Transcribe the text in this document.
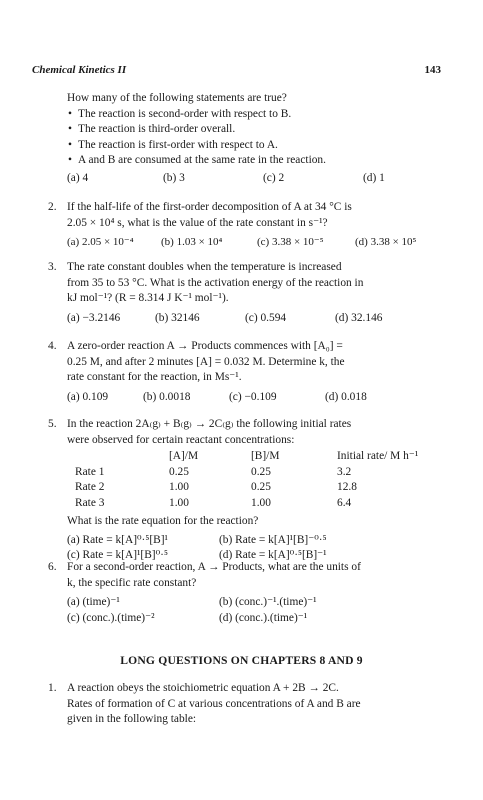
Chemical Kinetics II	143
How many of the following statements are true?
• The reaction is second-order with respect to B.
• The reaction is third-order overall.
• The reaction is first-order with respect to A.
• A and B are consumed at the same rate in the reaction.
(a) 4	(b) 3	(c) 2	(d) 1
2. If the half-life of the first-order decomposition of A at 34 °C is
2.05 × 10⁴ s, what is the value of the rate constant in s⁻¹?
(a) 2.05 × 10⁻⁴	(b) 1.03 × 10⁴	(c) 3.38 × 10⁻⁵	(d) 3.38 × 10⁵
3. The rate constant doubles when the temperature is increased
from 35 to 53 °C. What is the activation energy of the reaction in
kJ mol⁻¹? (R = 8.314 J K⁻¹ mol⁻¹).
(a) −3.2146	(b) 32146	(c) 0.594	(d) 32.146
4. A zero-order reaction A → Products commences with [A₀] =
0.25 M, and after 2 minutes [A] = 0.032 M. Determine k, the
rate constant for the reaction, in Ms⁻¹.
(a) 0.109	(b) 0.0018	(c) −0.109	(d) 0.018
5. In the reaction 2A₍g₎ + B₍g₎ → 2C₍g₎ the following initial rates
were observed for certain reactant concentrations:
	[A]/M	[B]/M	Initial rate/ M h⁻¹
Rate 1	0.25	0.25	3.2
Rate 2	1.00	0.25	12.8
Rate 3	1.00	1.00	6.4
What is the rate equation for the reaction?
(a) Rate = k[A]⁰·⁵[B]¹	(b) Rate = k[A]¹[B]⁻⁰·⁵
(c) Rate = k[A]¹[B]⁰·⁵	(d) Rate = k[A]⁰·⁵[B]⁻¹
6. For a second-order reaction, A → Products, what are the units of
k, the specific rate constant?
(a) (time)⁻¹	(b) (conc.)⁻¹.(time)⁻¹
(c) (conc.).(time)⁻²	(d) (conc.).(time)⁻¹
LONG QUESTIONS ON CHAPTERS 8 AND 9
1. A reaction obeys the stoichiometric equation A + 2B → 2C.
Rates of formation of C at various concentrations of A and B are
given in the following table:
